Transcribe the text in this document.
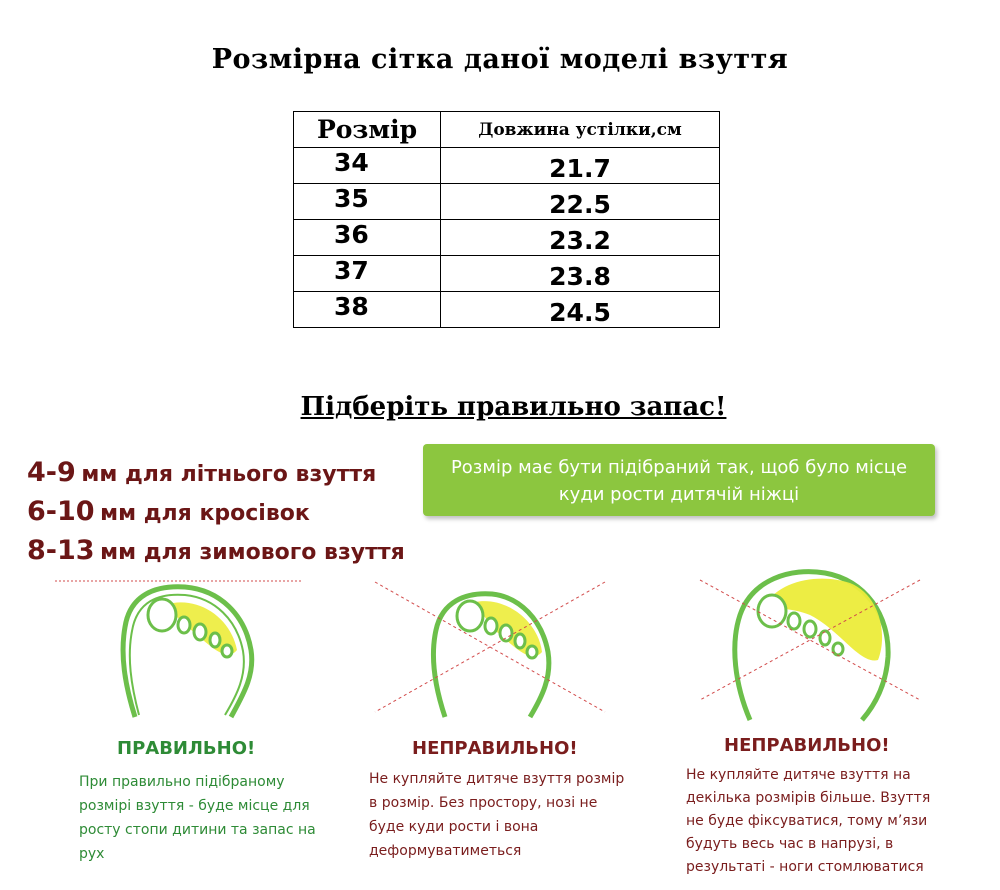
Розмірна сітка даної моделі взуття
Розмір	Довжина устілки,см
34	21.7
35	22.5
36	23.2
37	23.8
38	24.5
Підберіть правильно запас!
4-9 мм для літнього взуття
6-10 мм для кросівок
8-13 мм для зимового взуття
Розмір має бути підібраний так, щоб було місце
куди рости дитячій ніжці
ПРАВИЛЬНО!	НЕПРАВИЛЬНО!	НЕПРАВИЛЬНО!
При правильно підібраному
розмірі взуття - буде місце для
росту стопи дитини та запас на
рух
Не купляйте дитяче взуття розмір
в розмір. Без простору, нозі не
буде куди рости і вона
деформуватиметься
Не купляйте дитяче взуття на
декілька розмірів більше. Взуття
не буде фіксуватися, тому м’язи
будуть весь час в напрузі, в
результаті - ноги стомлюватися
